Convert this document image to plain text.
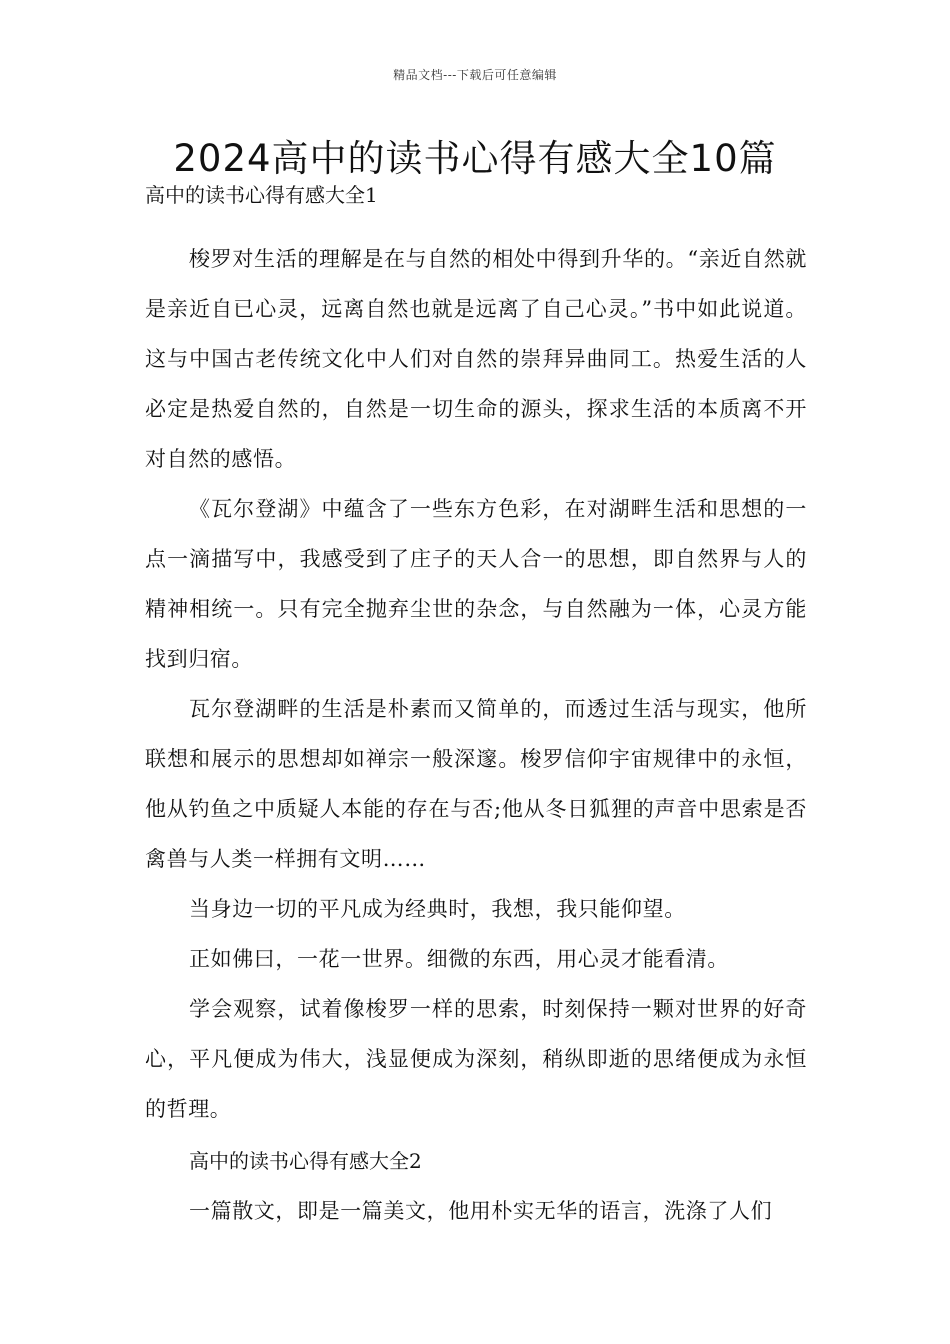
精品文档---下载后可任意编辑
2024高中的读书心得有感大全10篇
高中的读书心得有感大全1

梭罗对生活的理解是在与自然的相处中得到升华的。“亲近自然就是亲近自已心灵，远离自然也就是远离了自己心灵。”书中如此说道。这与中国古老传统文化中人们对自然的崇拜异曲同工。热爱生活的人必定是热爱自然的，自然是一切生命的源头，探求生活的本质离不开对自然的感悟。

《瓦尔登湖》中蕴含了一些东方色彩，在对湖畔生活和思想的一点一滴描写中，我感受到了庄子的天人合一的思想，即自然界与人的精神相统一。只有完全抛弃尘世的杂念，与自然融为一体，心灵方能找到归宿。

瓦尔登湖畔的生活是朴素而又简单的，而透过生活与现实，他所联想和展示的思想却如禅宗一般深邃。梭罗信仰宇宙规律中的永恒，他从钓鱼之中质疑人本能的存在与否;他从冬日狐狸的声音中思索是否禽兽与人类一样拥有文明……

当身边一切的平凡成为经典时，我想，我只能仰望。

正如佛曰，一花一世界。细微的东西，用心灵才能看清。

学会观察，试着像梭罗一样的思索，时刻保持一颗对世界的好奇心，平凡便成为伟大，浅显便成为深刻，稍纵即逝的思绪便成为永恒的哲理。

高中的读书心得有感大全2

一篇散文，即是一篇美文，他用朴实无华的语言，洗涤了人们
